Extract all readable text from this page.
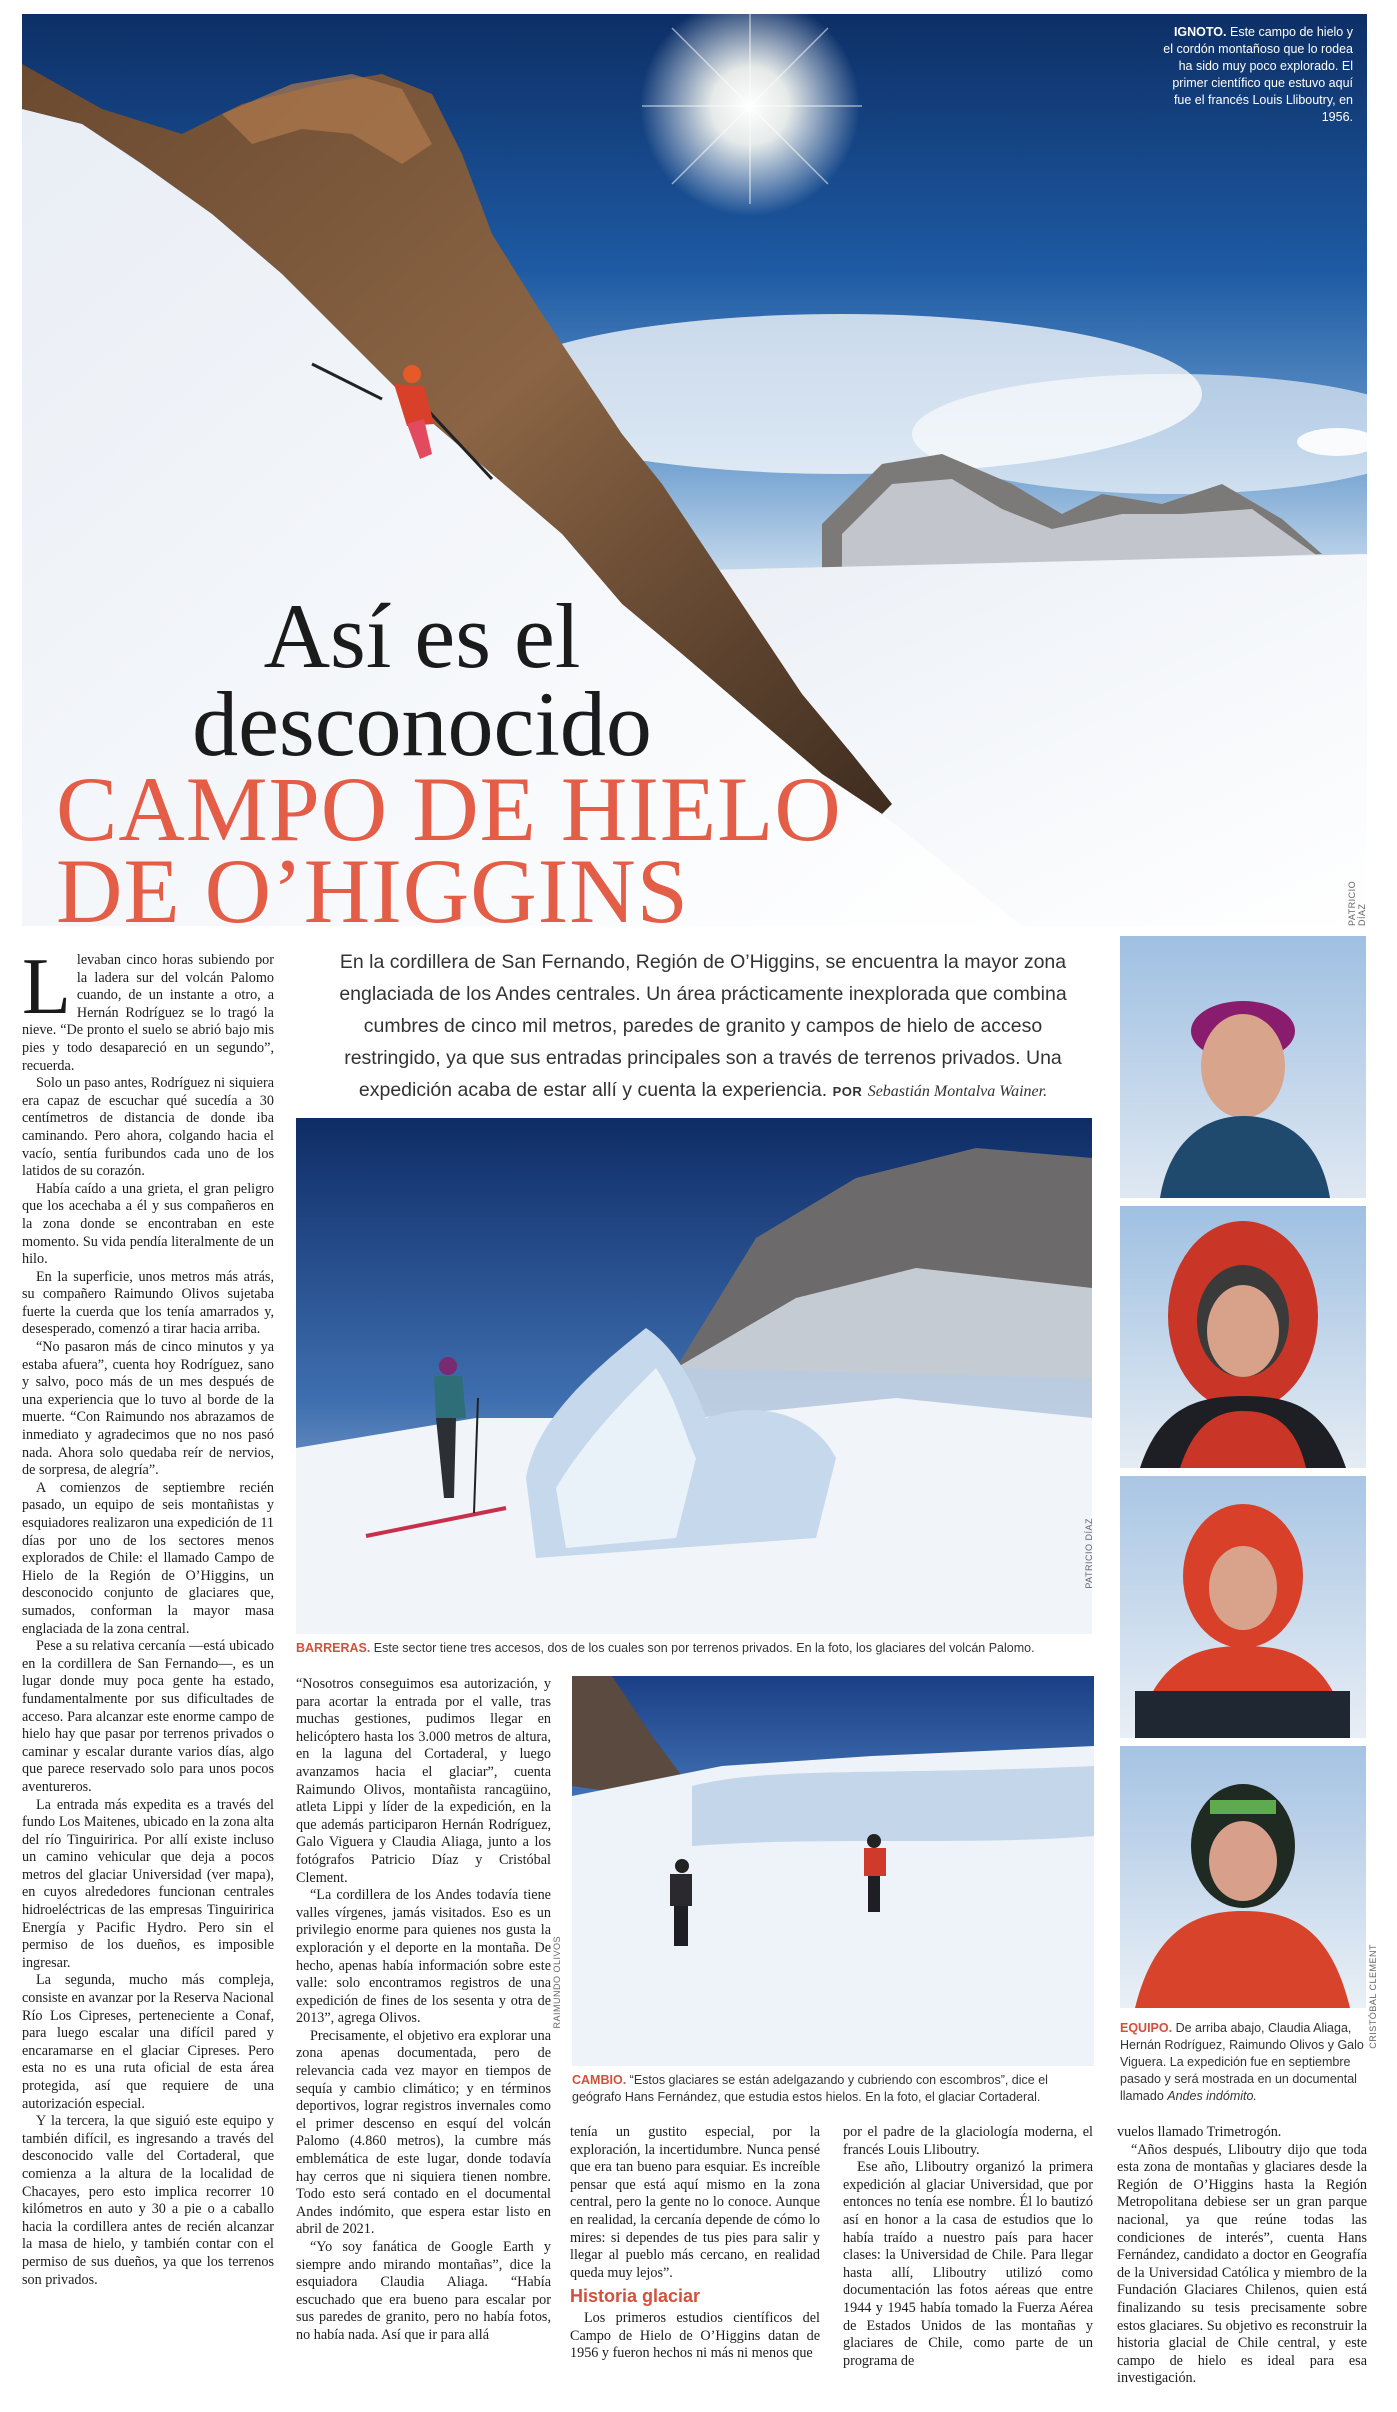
IGNOTO. Este campo de hielo y el cordón montañoso que lo rodea ha sido muy poco explorado. El primer científico que estuvo aquí fue el francés Louis Lliboutry, en 1956.
Así es el
desconocido
CAMPO DE HIELO
DE O’HIGGINS	PATRICIO DÍAZ
En la cordillera de San Fernando, Región de O’Higgins, se encuentra la mayor zona englaciada de los Andes centrales. Un área prácticamente inexplorada que combina cumbres de cinco mil metros, paredes de granito y campos de hielo de acceso restringido, ya que sus entradas principales son a través de terrenos privados. Una expedición acaba de estar allí y cuenta la experiencia. POR Sebastián Montalva Wainer.
PATRICIO DÍAZ
BARRERAS. Este sector tiene tres accesos, dos de los cuales son por terrenos privados. En la foto, los glaciares del volcán Palomo.
RAIMUNDO OLIVOS
CAMBIO. “Estos glaciares se están adelgazando y cubriendo con escombros”, dice el geógrafo Hans Fernández, que estudia estos hielos. En la foto, el glaciar Cortaderal.
EQUIPO. De arriba abajo, Claudia Aliaga, Hernán Rodríguez, Raimundo Olivos y Galo Viguera. La expedición fue en septiembre pasado y será mostrada en un documental llamado Andes indómito.
CRISTÓBAL CLEMENT

Llevaban cinco horas subiendo por la ladera sur del volcán Palomo cuando, de un instante a otro, a Hernán Rodríguez se lo tragó la nieve. “De pronto el suelo se abrió bajo mis pies y todo desapareció en un segundo”, recuerda.

Solo un paso antes, Rodríguez ni siquiera era capaz de escuchar qué sucedía a 30 centímetros de distancia de donde iba caminando. Pero ahora, colgando hacia el vacío, sentía furibundos cada uno de los latidos de su corazón.

Había caído a una grieta, el gran peligro que los acechaba a él y sus compañeros en la zona donde se encontraban en este momento. Su vida pendía literalmente de un hilo.

En la superficie, unos metros más atrás, su compañero Raimundo Olivos sujetaba fuerte la cuerda que los tenía amarrados y, desesperado, comenzó a tirar hacia arriba.

“No pasaron más de cinco minutos y ya estaba afuera”, cuenta hoy Rodríguez, sano y salvo, poco más de un mes después de una experiencia que lo tuvo al borde de la muerte. “Con Raimundo nos abrazamos de inmediato y agradecimos que no nos pasó nada. Ahora solo quedaba reír de nervios, de sorpresa, de alegría”.

A comienzos de septiembre recién pasado, un equipo de seis montañistas y esquiadores realizaron una expedición de 11 días por uno de los sectores menos explorados de Chile: el llamado Campo de Hielo de la Región de O’Higgins, un desconocido conjunto de glaciares que, sumados, conforman la mayor masa englaciada de la zona central.

Pese a su relativa cercanía —está ubicado en la cordillera de San Fernando—, es un lugar donde muy poca gente ha estado, fundamentalmente por sus dificultades de acceso. Para alcanzar este enorme campo de hielo hay que pasar por terrenos privados o caminar y escalar durante varios días, algo que parece reservado solo para unos pocos aventureros.

La entrada más expedita es a través del fundo Los Maitenes, ubicado en la zona alta del río Tinguiririca. Por allí existe incluso un camino vehicular que deja a pocos metros del glaciar Universidad (ver mapa), en cuyos alrededores funcionan centrales hidroeléctricas de las empresas Tinguiririca Energía y Pacific Hydro. Pero sin el permiso de los dueños, es imposible ingresar.

La segunda, mucho más compleja, consiste en avanzar por la Reserva Nacional Río Los Cipreses, perteneciente a Conaf, para luego escalar una difícil pared y encaramarse en el glaciar Cipreses. Pero esta no es una ruta oficial de esta área protegida, así que requiere de una autorización especial.

Y la tercera, la que siguió este equipo y también difícil, es ingresando a través del desconocido valle del Cortaderal, que comienza a la altura de la localidad de Chacayes, pero esto implica recorrer 10 kilómetros en auto y 30 a pie o a caballo hacia la cordillera antes de recién alcanzar la masa de hielo, y también contar con el permiso de sus dueños, ya que los terrenos son privados.

“Nosotros conseguimos esa autorización, y para acortar la entrada por el valle, tras muchas gestiones, pudimos llegar en helicóptero hasta los 3.000 metros de altura, en la laguna del Cortaderal, y luego avanzamos hacia el glaciar”, cuenta Raimundo Olivos, montañista rancagüino, atleta Lippi y líder de la expedición, en la que además participaron Hernán Rodríguez, Galo Viguera y Claudia Aliaga, junto a los fotógrafos Patricio Díaz y Cristóbal Clement.

“La cordillera de los Andes todavía tiene valles vírgenes, jamás visitados. Eso es un privilegio enorme para quienes nos gusta la exploración y el deporte en la montaña. De hecho, apenas había información sobre este valle: solo encontramos registros de una expedición de fines de los sesenta y otra de 2013”, agrega Olivos.

Precisamente, el objetivo era explorar una zona apenas documentada, pero de relevancia cada vez mayor en tiempos de sequía y cambio climático; y en términos deportivos, lograr registros invernales como el primer descenso en esquí del volcán Palomo (4.860 metros), la cumbre más emblemática de este lugar, donde todavía hay cerros que ni siquiera tienen nombre. Todo esto será contado en el documental Andes indómito, que espera estar listo en abril de 2021.

“Yo soy fanática de Google Earth y siempre ando mirando montañas”, dice la esquiadora Claudia Aliaga. “Había escuchado que era bueno para escalar por sus paredes de granito, pero no había fotos, no había nada. Así que ir para allá

tenía un gustito especial, por la exploración, la incertidumbre. Nunca pensé que era tan bueno para esquiar. Es increíble pensar que está aquí mismo en la zona central, pero la gente no lo conoce. Aunque en realidad, la cercanía depende de cómo lo mires: si dependes de tus pies para salir y llegar al pueblo más cercano, en realidad queda muy lejos”.

Historia glaciar

Los primeros estudios científicos del Campo de Hielo de O’Higgins datan de 1956 y fueron hechos ni más ni menos que

por el padre de la glaciología moderna, el francés Louis Lliboutry.

Ese año, Lliboutry organizó la primera expedición al glaciar Universidad, que por entonces no tenía ese nombre. Él lo bautizó así en honor a la casa de estudios que lo había traído a nuestro país para hacer clases: la Universidad de Chile. Para llegar hasta allí, Lliboutry utilizó como documentación las fotos aéreas que entre 1944 y 1945 había tomado la Fuerza Aérea de Estados Unidos de las montañas y glaciares de Chile, como parte de un programa de

vuelos llamado Trimetrogón.

“Años después, Lliboutry dijo que toda esta zona de montañas y glaciares desde la Región de O’Higgins hasta la Región Metropolitana debiese ser un gran parque nacional, ya que reúne todas las condiciones de interés”, cuenta Hans Fernández, candidato a doctor en Geografía de la Universidad Católica y miembro de la Fundación Glaciares Chilenos, quien está finalizando su tesis precisamente sobre estos glaciares. Su objetivo es reconstruir la historia glacial de Chile central, y este campo de hielo es ideal para esa investigación.
